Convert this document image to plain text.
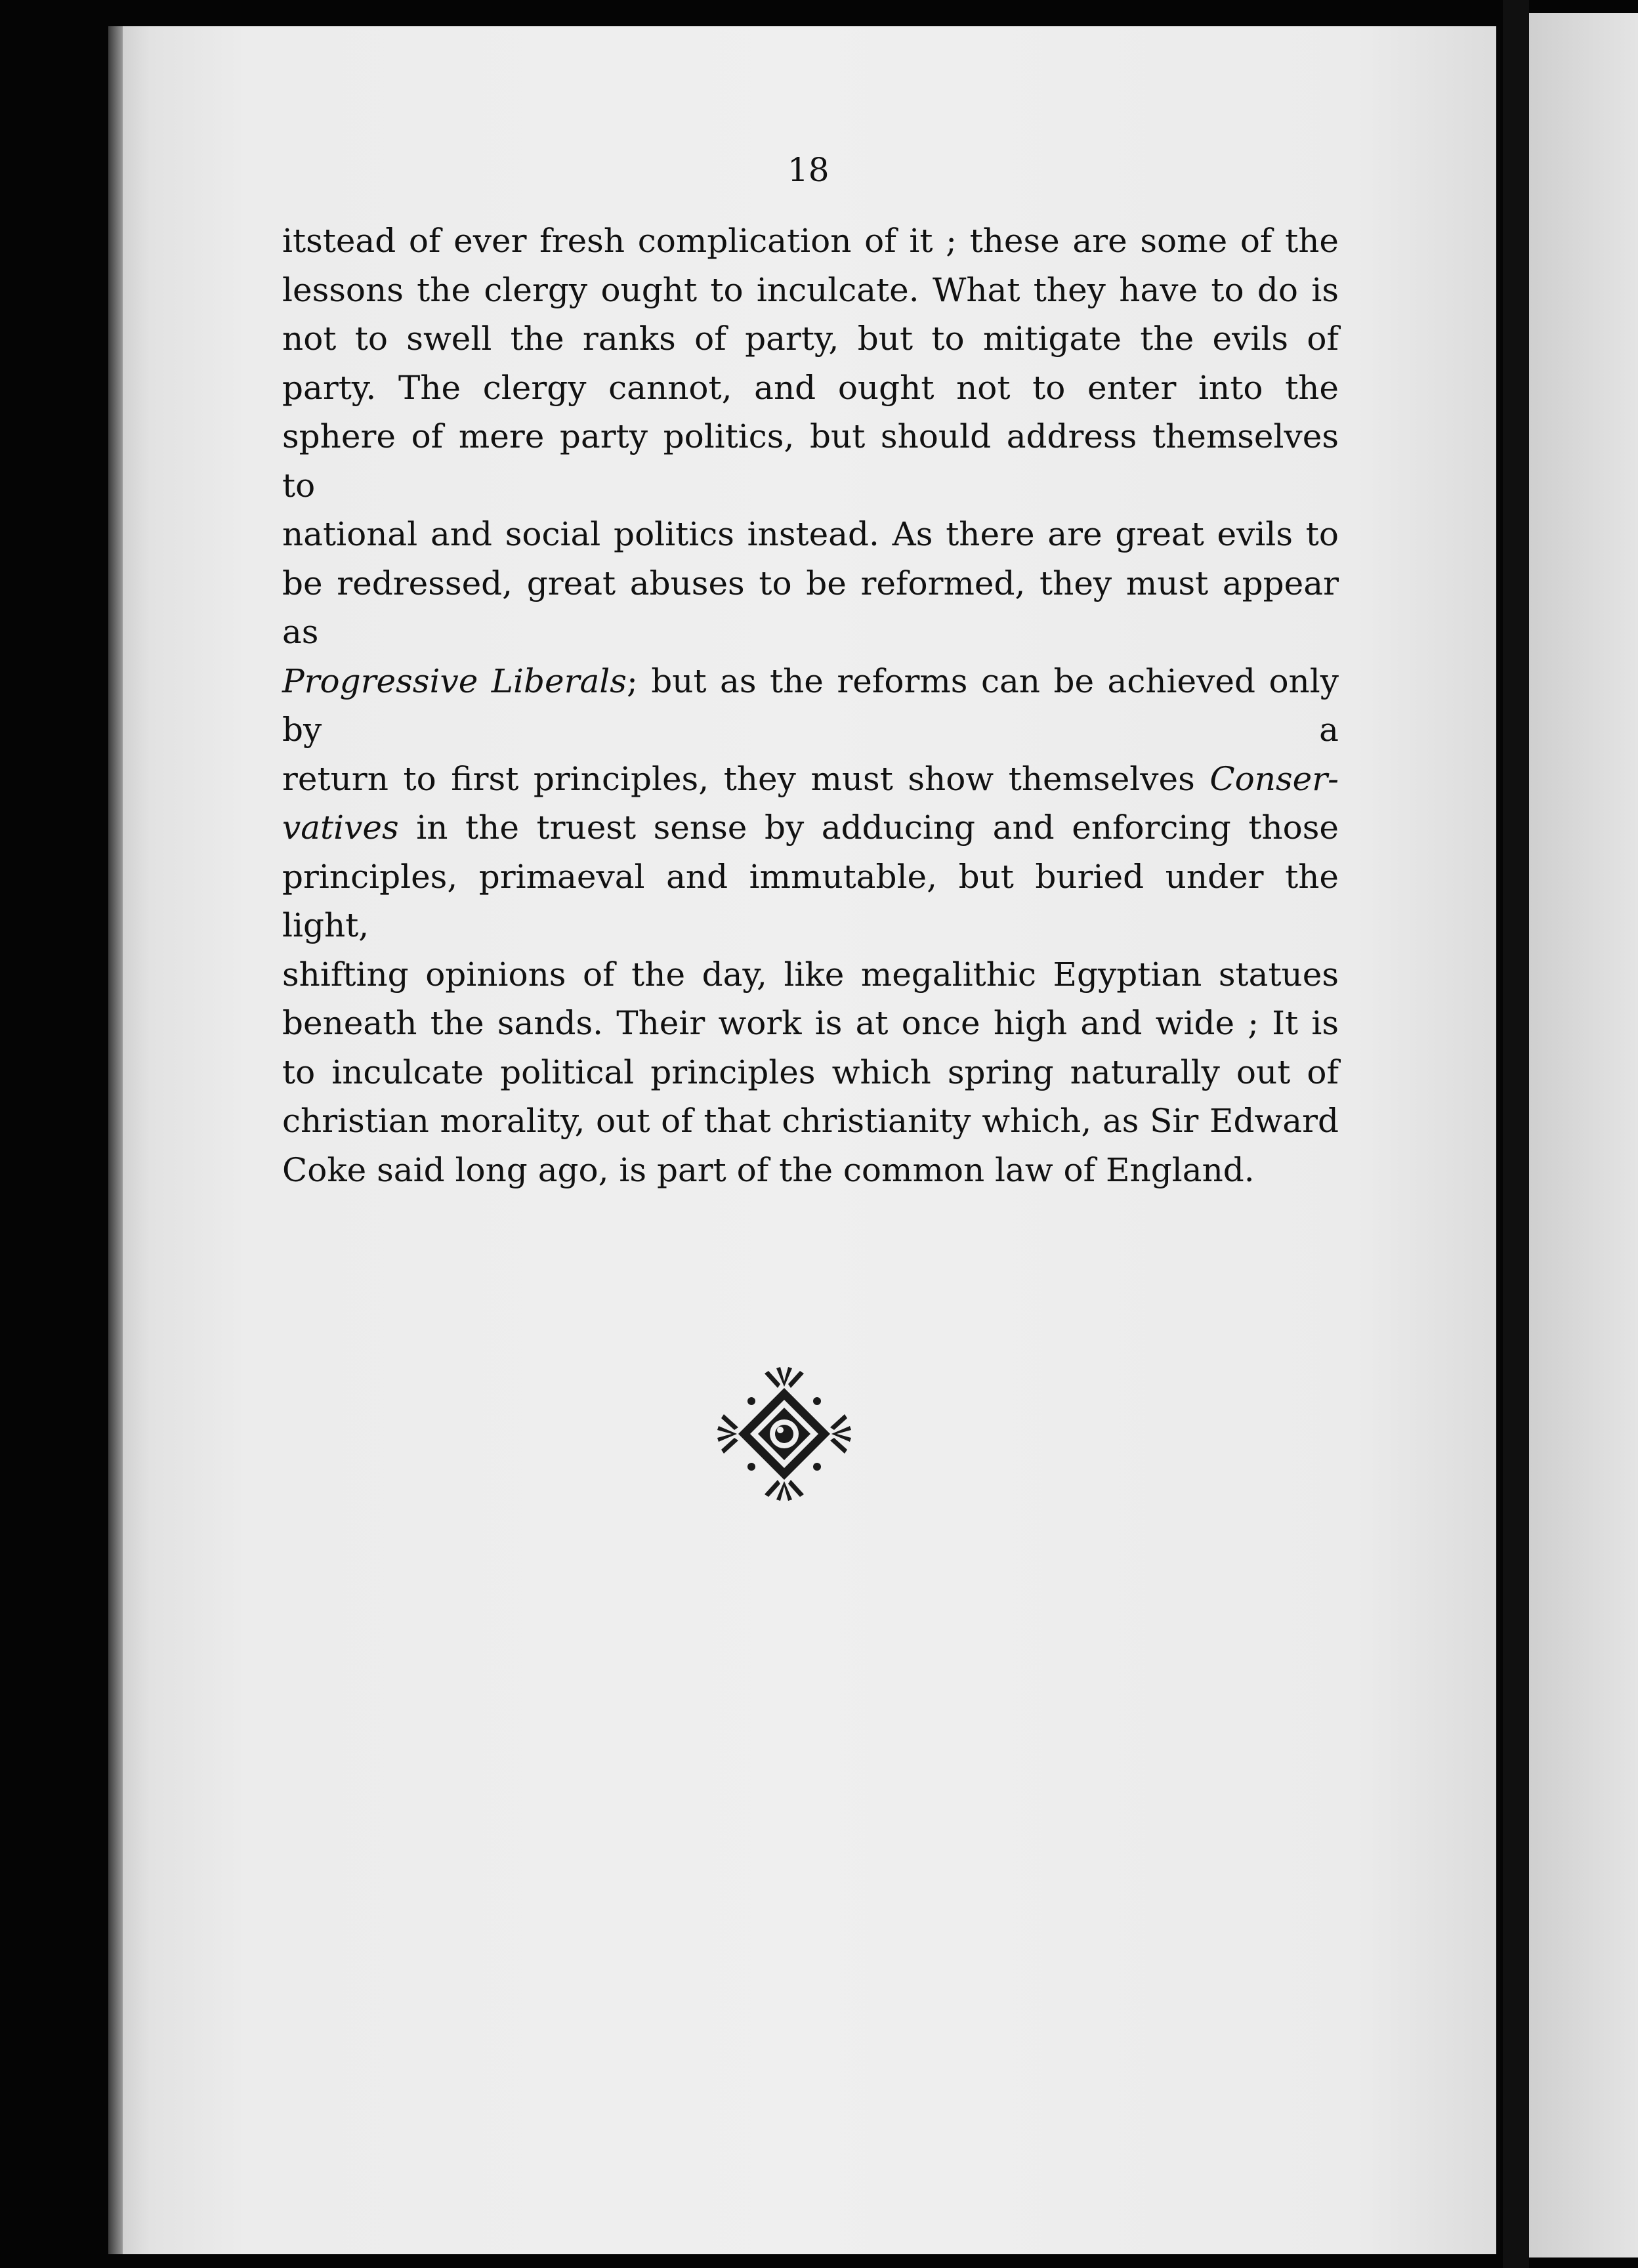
18

itstead of ever fresh complication of it ; these are some of the

lessons the clergy ought to inculcate. What they have to do is

not to swell the ranks of party, but to mitigate the evils of

party. The clergy cannot, and ought not to enter into the

sphere of mere party politics, but should address themselves to

national and social politics instead. As there are great evils to

be redressed, great abuses to be reformed, they must appear as

Progressive Liberals; but as the reforms can be achieved only by a

return to first principles, they must show themselves Conser-

vatives in the truest sense by adducing and enforcing those

principles, primaeval and immutable, but buried under the light,

shifting opinions of the day, like megalithic Egyptian statues

beneath the sands. Their work is at once high and wide ; It is

to inculcate political principles which spring naturally out of

christian morality, out of that christianity which, as Sir Edward

Coke said long ago, is part of the common law of England.
